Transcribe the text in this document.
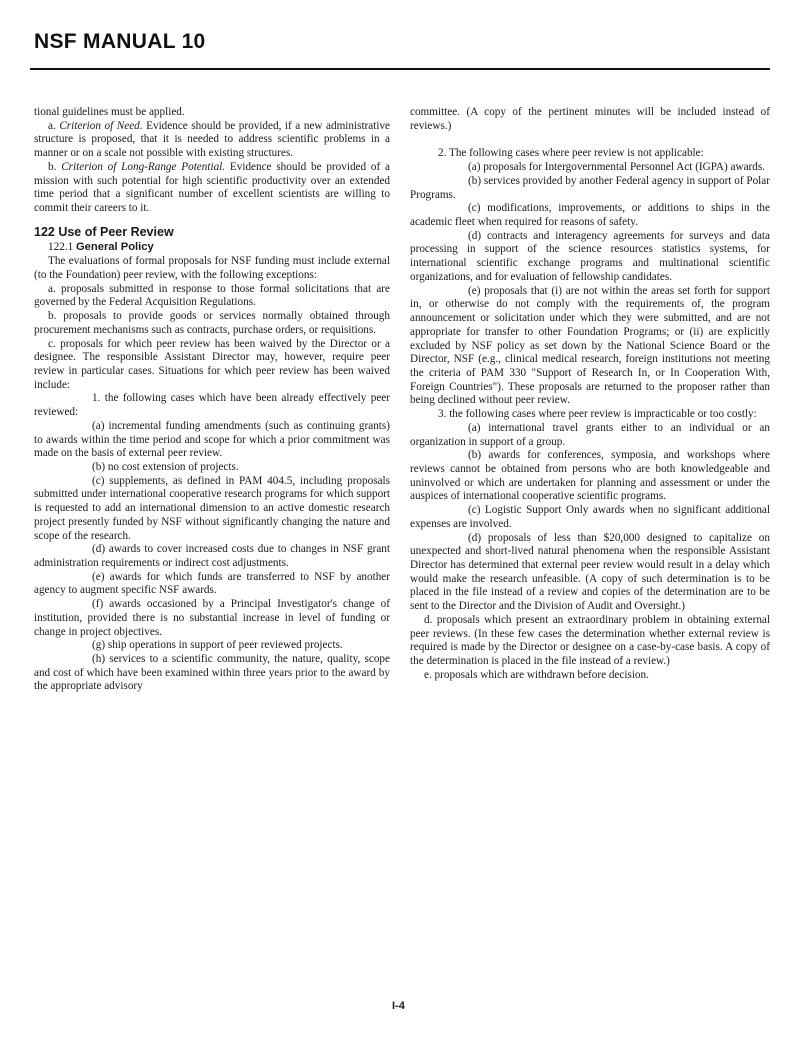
NSF MANUAL 10

tional guidelines must be applied.

a. Criterion of Need. Evidence should be provided, if a new administrative structure is proposed, that it is needed to address scientific problems in a manner or on a scale not possible with existing structures.

b. Criterion of Long-Range Potential. Evidence should be provided of a mission with such potential for high scientific productivity over an extended time period that a significant number of excellent scientists are willing to commit their careers to it.

122 Use of Peer Review

122.1 General Policy

The evaluations of formal proposals for NSF funding must include external (to the Foundation) peer review, with the following exceptions:

a. proposals submitted in response to those formal solicitations that are governed by the Federal Acquisition Regulations.

b. proposals to provide goods or services normally obtained through procurement mechanisms such as contracts, purchase orders, or requisitions.

c. proposals for which peer review has been waived by the Director or a designee. The responsible Assistant Director may, however, require peer review in particular cases. Situations for which peer review has been waived include:

1. the following cases which have been already effectively peer reviewed:

(a) incremental funding amendments (such as continuing grants) to awards within the time period and scope for which a prior commitment was made on the basis of external peer review.

(b) no cost extension of projects.

(c) supplements, as defined in PAM 404.5, including proposals submitted under international cooperative research programs for which support is requested to add an international dimension to an active domestic research project presently funded by NSF without significantly changing the nature and scope of the research.

(d) awards to cover increased costs due to changes in NSF grant administration requirements or indirect cost adjustments.

(e) awards for which funds are transferred to NSF by another agency to augment specific NSF awards.

(f) awards occasioned by a Principal Investigator's change of institution, provided there is no substantial increase in level of funding or change in project objectives.

(g) ship operations in support of peer reviewed projects.

(h) services to a scientific community, the nature, quality, scope and cost of which have been examined within three years prior to the award by the appropriate advisory

committee. (A copy of the pertinent minutes will be included instead of reviews.)

2. The following cases where peer review is not applicable:

(a) proposals for Intergovernmental Personnel Act (IGPA) awards.

(b) services provided by another Federal agency in support of Polar Programs.

(c) modifications, improvements, or additions to ships in the academic fleet when required for reasons of safety.

(d) contracts and interagency agreements for surveys and data processing in support of the science resources statistics systems, for international scientific exchange programs and multinational scientific organizations, and for evaluation of fellowship candidates.

(e) proposals that (i) are not within the areas set forth for support in, or otherwise do not comply with the requirements of, the program announcement or solicitation under which they were submitted, and are not appropriate for transfer to other Foundation Programs; or (ii) are explicitly excluded by NSF policy as set down by the National Science Board or the Director, NSF (e.g., clinical medical research, foreign institutions not meeting the criteria of PAM 330 "Support of Research In, or In Cooperation With, Foreign Countries"). These proposals are returned to the proposer rather than being declined without peer review.

3. the following cases where peer review is impracticable or too costly:

(a) international travel grants either to an individual or an organization in support of a group.

(b) awards for conferences, symposia, and workshops where reviews cannot be obtained from persons who are both knowledgeable and uninvolved or which are undertaken for planning and assessment or under the auspices of international cooperative scientific programs.

(c) Logistic Support Only awards when no significant additional expenses are involved.

(d) proposals of less than $20,000 designed to capitalize on unexpected and short-lived natural phenomena when the responsible Assistant Director has determined that external peer review would result in a delay which would make the research unfeasible. (A copy of such determination is to be placed in the file instead of a review and copies of the determination are to be sent to the Director and the Division of Audit and Oversight.)

d. proposals which present an extraordinary problem in obtaining external peer reviews. (In these few cases the determination whether external review is required is made by the Director or designee on a case-by-case basis. A copy of the determination is placed in the file instead of a review.)

e. proposals which are withdrawn before decision.

I-4
